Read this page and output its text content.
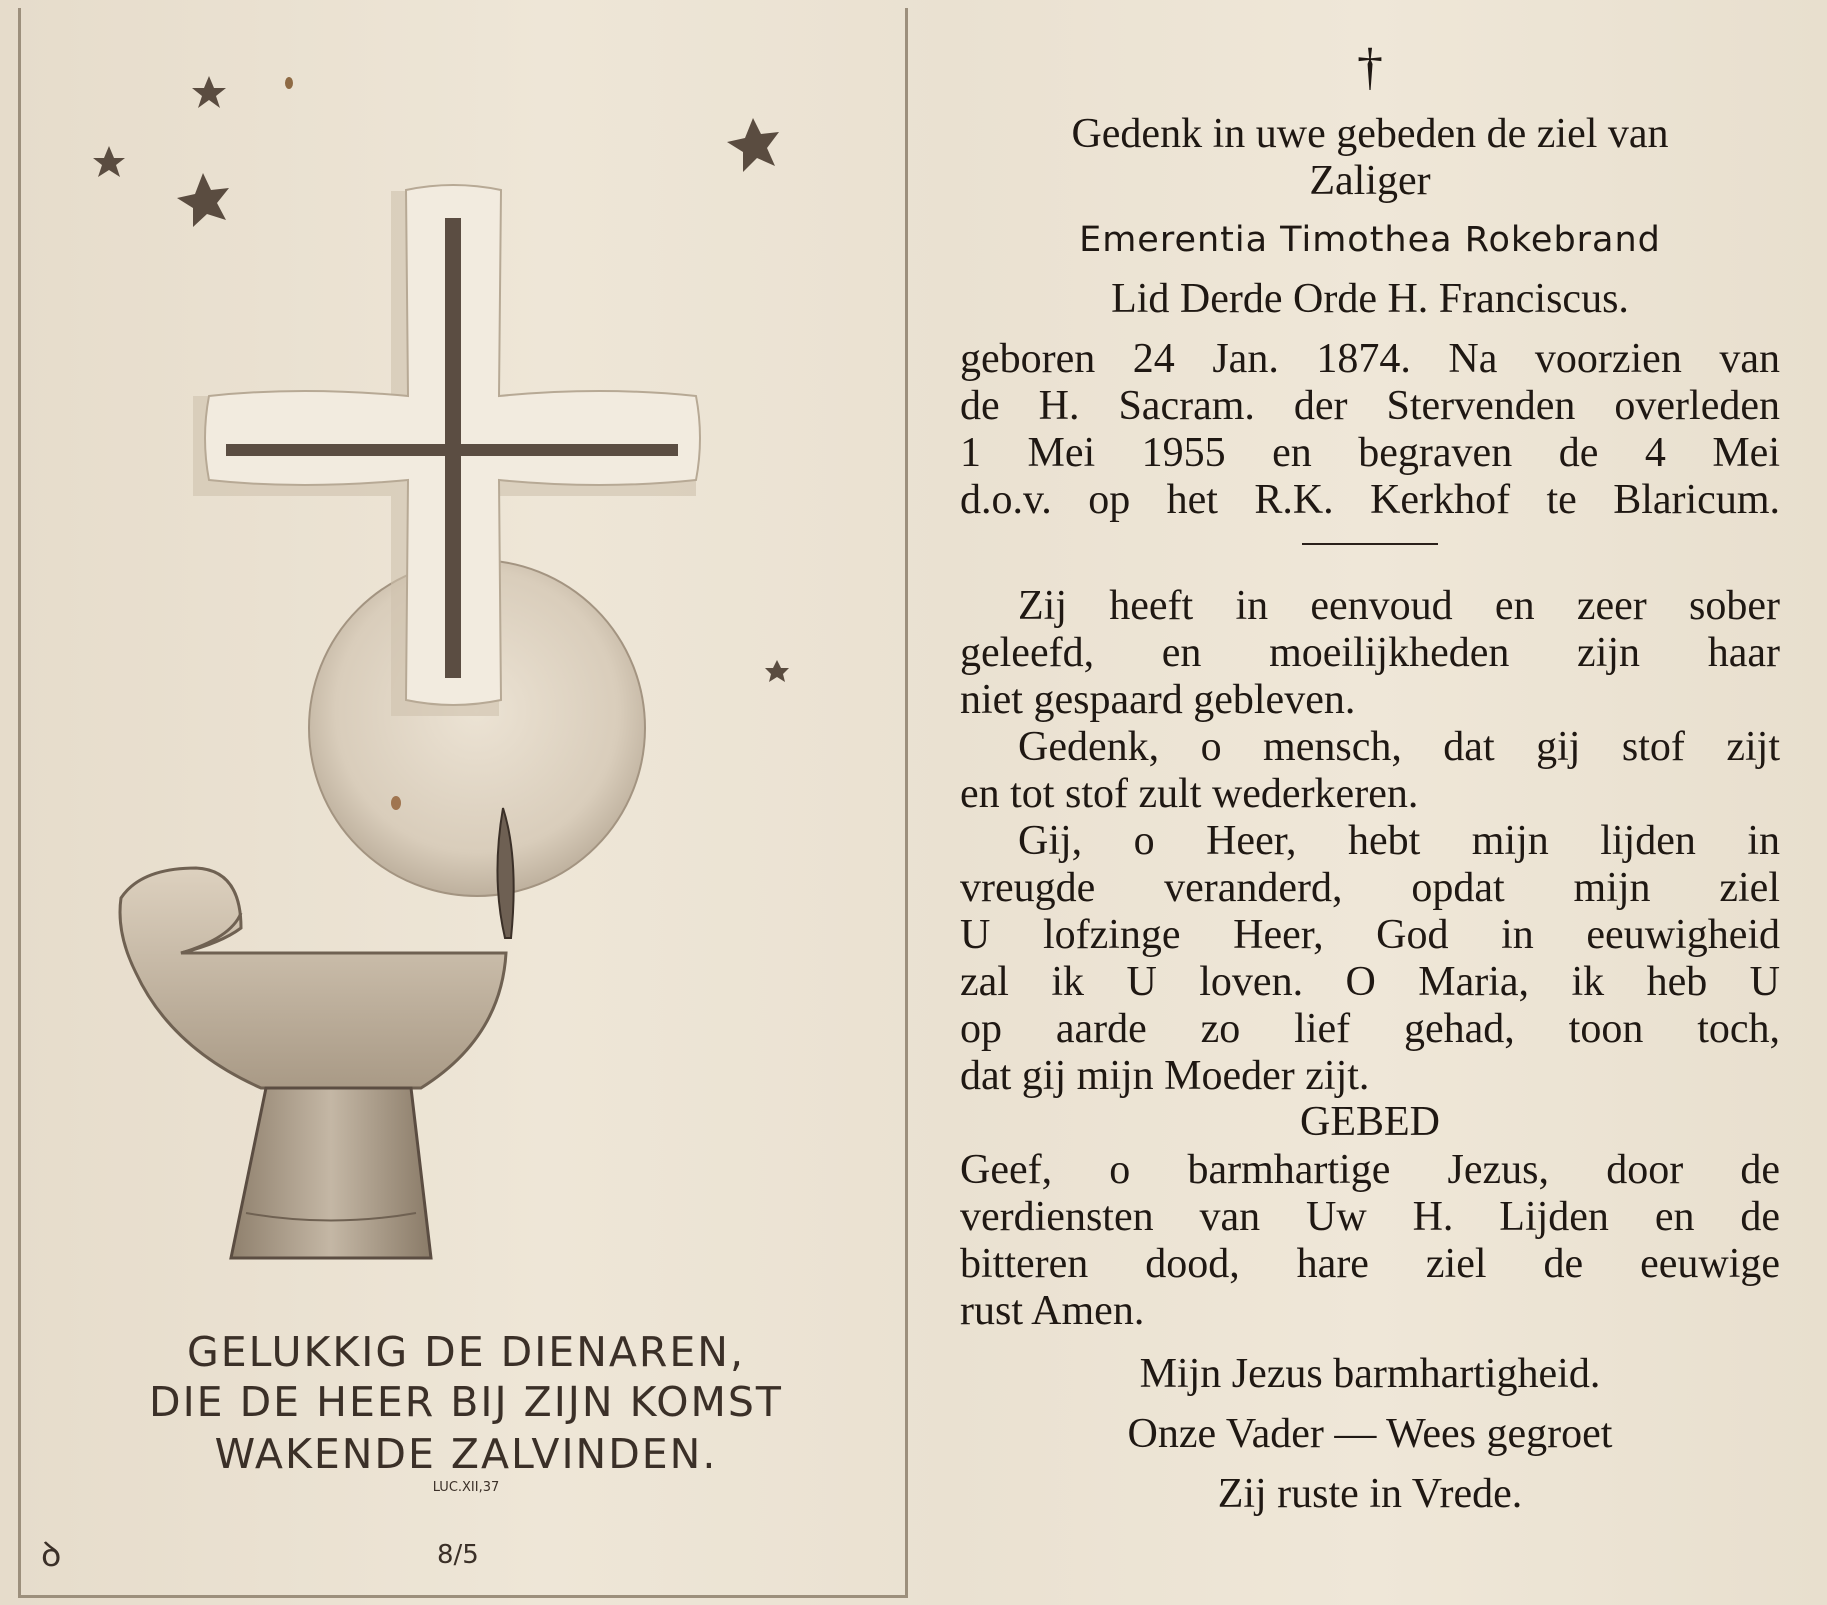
GELUKKIG DE DIENAREN,
DIE DE HEER BIJ ZIJN KOMST
WAKENDE ZALVINDEN.
LUC.XII,37
8/5
ꝺ
†
Gedenk in uwe gebeden de ziel van
Zaliger
Emerentia Timothea Rokebrand
Lid Derde Orde H. Franciscus.
geboren 24 Jan. 1874. Na voorzien van
de H. Sacram. der Stervenden overleden
1 Mei 1955 en begraven de 4 Mei
d.o.v. op het R.K. Kerkhof te Blaricum.
Zij heeft in eenvoud en zeer sober
geleefd, en moeilijkheden zijn haar
niet gespaard gebleven.
Gedenk, o mensch, dat gij stof zijt
en tot stof zult wederkeren.
Gij, o Heer, hebt mijn lijden in
vreugde veranderd, opdat mijn ziel
U lofzinge Heer, God in eeuwigheid
zal ik U loven. O Maria, ik heb U
op aarde zo lief gehad, toon toch,
dat gij mijn Moeder zijt.
GEBED
Geef, o barmhartige Jezus, door de
verdiensten van Uw H. Lijden en de
bitteren dood, hare ziel de eeuwige
rust Amen.
Mijn Jezus barmhartigheid.
Onze Vader — Wees gegroet
Zij ruste in Vrede.
